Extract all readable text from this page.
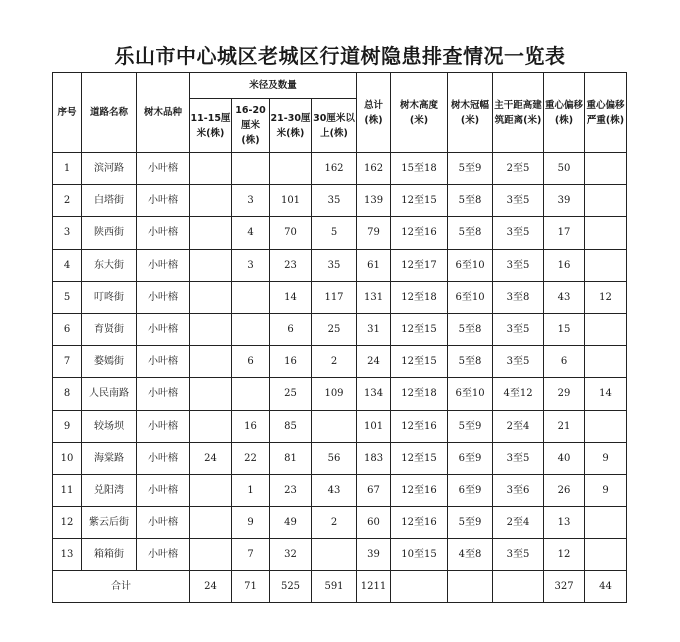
乐山市中心城区老城区行道树隐患排查情况一览表
序号	道路名称	树木品种	米径及数量				总计(株)	树木高度(米)	树木冠幅(米)	主干距高建筑距离(米)	重心偏移(株)	重心偏移严重(株)
			11-15厘米(株)	16-20厘米(株)	21-30厘米(株)	30厘米以上(株)						
1	滨河路	小叶榕				162	162	15至18	5至9	2至5	50	
2	白塔街	小叶榕		3	101	35	139	12至15	5至8	3至5	39	
3	陕西街	小叶榕		4	70	5	79	12至16	5至8	3至5	17	
4	东大街	小叶榕		3	23	35	61	12至17	6至10	3至5	16	
5	叮咚街	小叶榕			14	117	131	12至18	6至10	3至8	43	12
6	育贤街	小叶榕			6	25	31	12至15	5至8	3至5	15	
7	婺嫣街	小叶榕		6	16	2	24	12至15	5至8	3至5	6	
8	人民南路	小叶榕			25	109	134	12至18	6至10	4至12	29	14
9	较场坝	小叶榕		16	85		101	12至16	5至9	2至4	21	
10	海棠路	小叶榕	24	22	81	56	183	12至15	6至9	3至5	40	9
11	兑阳湾	小叶榕		1	23	43	67	12至16	6至9	3至6	26	9
12	紫云后街	小叶榕		9	49	2	60	12至16	5至9	2至4	13	
13	箱箱街	小叶榕		7	32		39	10至15	4至8	3至5	12	
合计			24	71	525	591	1211				327	44
